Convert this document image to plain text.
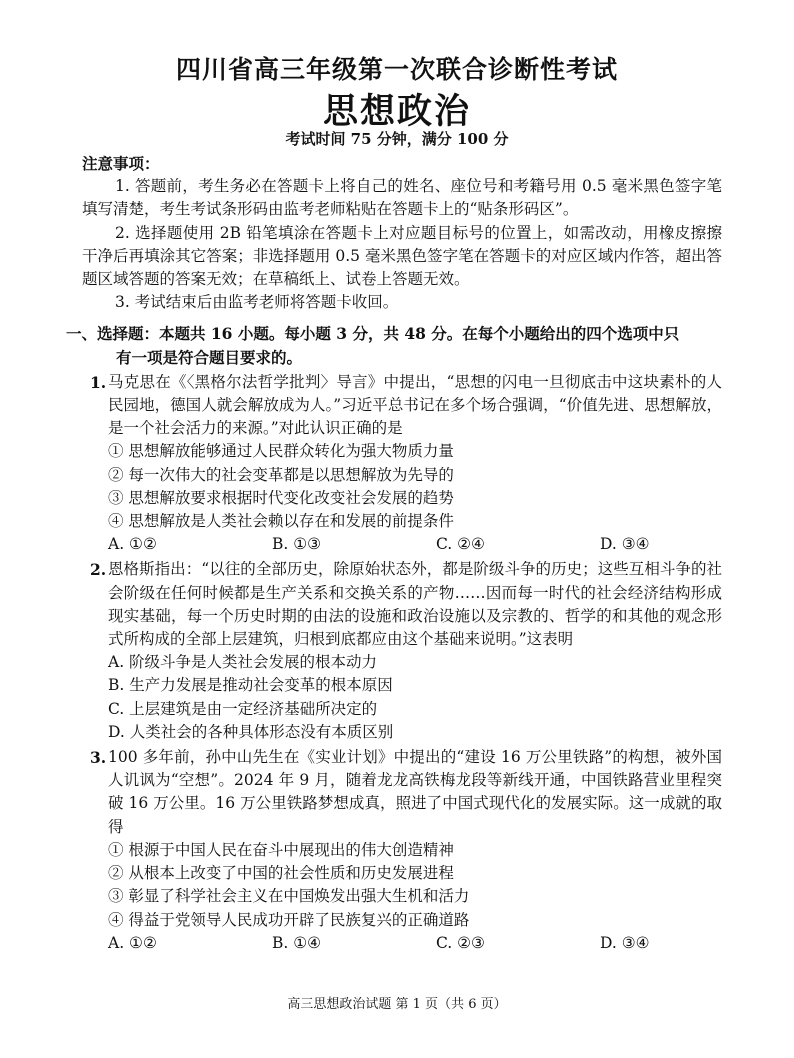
四川省高三年级第一次联合诊断性考试
思想政治
考试时间 75 分钟，满分 100 分

注意事项：

1. 答题前，考生务必在答题卡上将自己的姓名、座位号和考籍号用 0.5 毫米黑色签字笔填写清楚，考生考试条形码由监考老师粘贴在答题卡上的“贴条形码区”。

2. 选择题使用 2B 铅笔填涂在答题卡上对应题目标号的位置上，如需改动，用橡皮擦擦干净后再填涂其它答案；非选择题用 0.5 毫米黑色签字笔在答题卡的对应区域内作答，超出答题区域答题的答案无效；在草稿纸上、试卷上答题无效。

3. 考试结束后由监考老师将答题卡收回。

一、选择题：本题共 16 小题。每小题 3 分，共 48 分。在每个小题给出的四个选项中只
有一项是符合题目要求的。
1. 马克思在《〈黑格尔法哲学批判〉导言》中提出，“思想的闪电一旦彻底击中这块素朴的人民园地，德国人就会解放成为人。”习近平总书记在多个场合强调，“价值先进、思想解放，是一个社会活力的来源。”对此认识正确的是

① 思想解放能够通过人民群众转化为强大物质力量

② 每一次伟大的社会变革都是以思想解放为先导的

③ 思想解放要求根据时代变化改变社会发展的趋势

④ 思想解放是人类社会赖以存在和发展的前提条件

A. ①②	B. ①③	C. ②④	D. ③④
2. 恩格斯指出：“以往的全部历史，除原始状态外，都是阶级斗争的历史；这些互相斗争的社会阶级在任何时候都是生产关系和交换关系的产物……因而每一时代的社会经济结构形成现实基础，每一个历史时期的由法的设施和政治设施以及宗教的、哲学的和其他的观念形式所构成的全部上层建筑，归根到底都应由这个基础来说明。”这表明

A. 阶级斗争是人类社会发展的根本动力

B. 生产力发展是推动社会变革的根本原因

C. 上层建筑是由一定经济基础所决定的

D. 人类社会的各种具体形态没有本质区别

3. 100 多年前，孙中山先生在《实业计划》中提出的“建设 16 万公里铁路”的构想，被外国人讥讽为“空想”。2024 年 9 月，随着龙龙高铁梅龙段等新线开通，中国铁路营业里程突破 16 万公里。16 万公里铁路梦想成真，照进了中国式现代化的发展实际。这一成就的取得

① 根源于中国人民在奋斗中展现出的伟大创造精神

② 从根本上改变了中国的社会性质和历史发展进程

③ 彰显了科学社会主义在中国焕发出强大生机和活力

④ 得益于党领导人民成功开辟了民族复兴的正确道路

A. ①②	B. ①④	C. ②③	D. ③④
高三思想政治试题 第 1 页（共 6 页）
